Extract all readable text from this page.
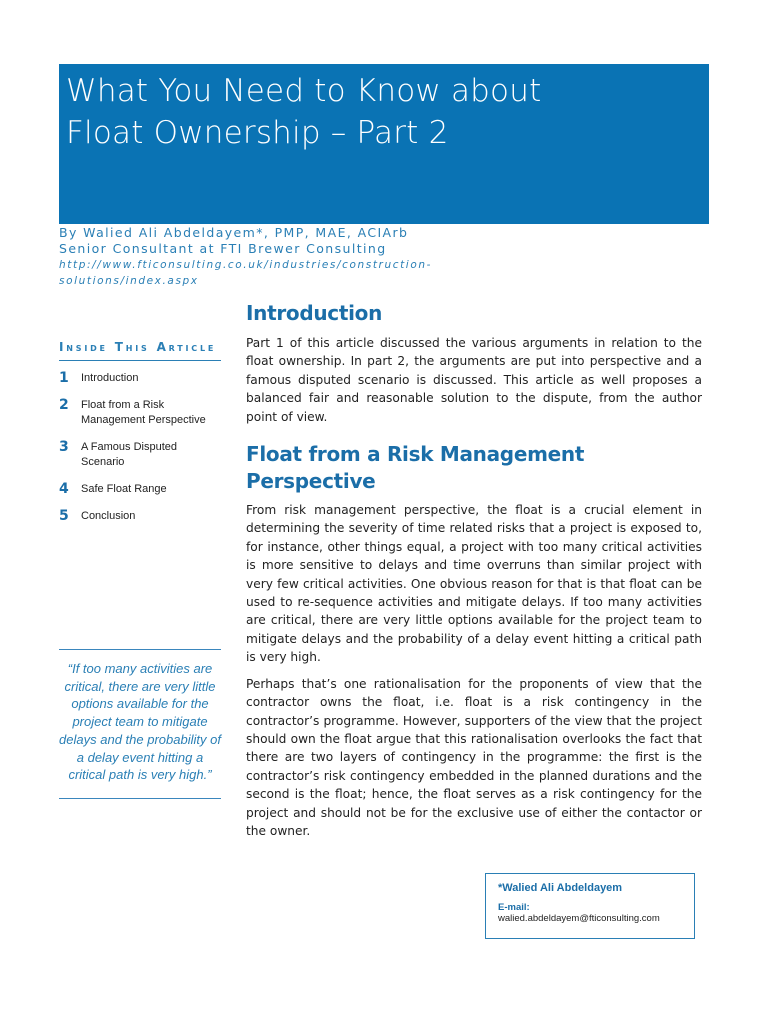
What You Need to Know about
Float Ownership – Part 2
By Walied Ali Abdeldayem*, PMP, MAE, ACIArb
Senior Consultant at FTI Brewer Consulting
http://www.fticonsulting.co.uk/industries/construction-
solutions/index.aspx
Inside This Article
1	Introduction
2	Float from a Risk Management Perspective
3	A Famous Disputed Scenario
4	Safe Float Range
5	Conclusion
“If too many activities are critical, there are very little options available for the project team to mitigate delays and the probability of a delay event hitting a critical path is very high.”
Introduction

Part 1 of this article discussed the various arguments in relation to the float ownership. In part 2, the arguments are put into perspective and a famous disputed scenario is discussed. This article as well proposes a balanced fair and reasonable solution to the dispute, from the author point of view.

Float from a Risk Management Perspective

From risk management perspective, the float is a crucial element in determining the severity of time related risks that a project is exposed to, for instance, other things equal, a project with too many critical activities is more sensitive to delays and time overruns than similar project with very few critical activities. One obvious reason for that is that float can be used to re-sequence activities and mitigate delays. If too many activities are critical, there are very little options available for the project team to mitigate delays and the probability of a delay event hitting a critical path is very high.

Perhaps that’s one rationalisation for the proponents of view that the contractor owns the float, i.e. float is a risk contingency in the contractor’s programme. However, supporters of the view that the project should own the float argue that this rationalisation overlooks the fact that there are two layers of contingency in the programme: the first is the contractor’s risk contingency embedded in the planned durations and the second is the float; hence, the float serves as a risk contingency for the project and should not be for the exclusive use of either the contactor or the owner.

*Walied Ali Abdeldayem

E-mail:

walied.abdeldayem@fticonsulting.com
